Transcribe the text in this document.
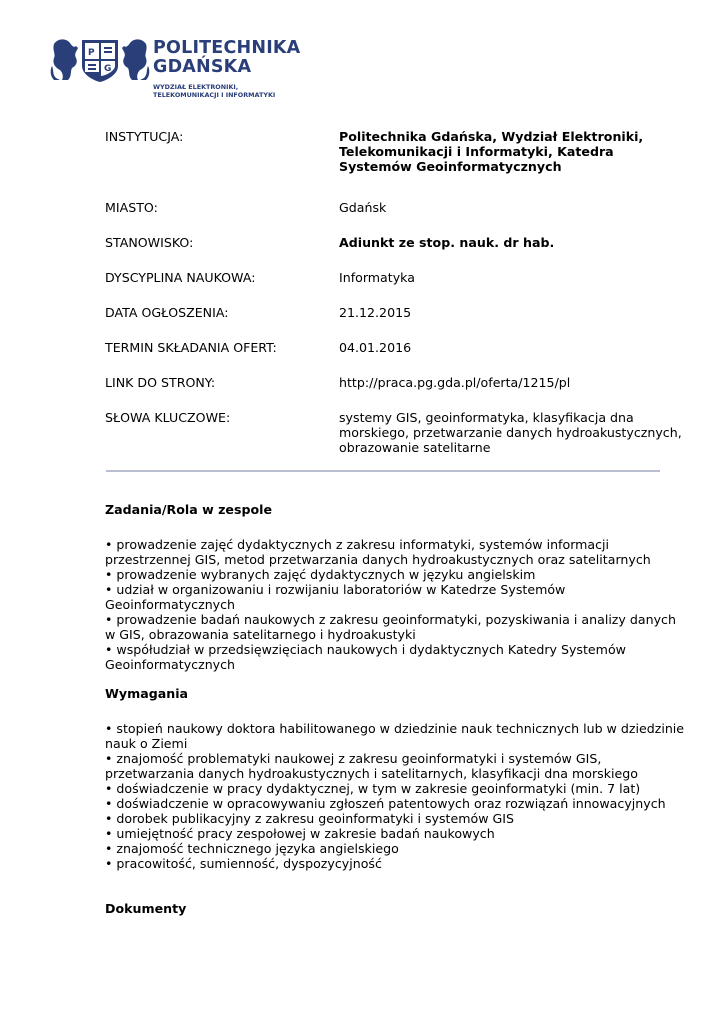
P
G
POLITECHNIKA
GDAŃSKA
WYDZIAŁ ELEKTRONIKI,
TELEKOMUNIKACJI I INFORMATYKI
INSTYTUCJA:	Politechnika Gdańska, Wydział Elektroniki, Telekomunikacji i Informatyki, Katedra Systemów Geoinformatycznych
MIASTO:	Gdańsk
STANOWISKO:	Adiunkt ze stop. nauk. dr hab.
DYSCYPLINA NAUKOWA:	Informatyka
DATA OGŁOSZENIA:	21.12.2015
TERMIN SKŁADANIA OFERT:	04.01.2016
LINK DO STRONY:	http://praca.pg.gda.pl/oferta/1215/pl
SŁOWA KLUCZOWE:	systemy GIS, geoinformatyka, klasyfikacja dna morskiego, przetwarzanie danych hydroakustycznych, obrazowanie satelitarne
Zadania/Rola w zespole
• prowadzenie zajęć dydaktycznych z zakresu informatyki, systemów informacji przestrzennej GIS, metod przetwarzania danych hydroakustycznych oraz satelitarnych
• prowadzenie wybranych zajęć dydaktycznych w języku angielskim
• udział w organizowaniu i rozwijaniu laboratoriów w Katedrze Systemów Geoinformatycznych
• prowadzenie badań naukowych z zakresu geoinformatyki, pozyskiwania i analizy danych w GIS, obrazowania satelitarnego i hydroakustyki
• współudział w przedsięwzięciach naukowych i dydaktycznych Katedry Systemów Geoinformatycznych
Wymagania
• stopień naukowy doktora habilitowanego w dziedzinie nauk technicznych lub w dziedzinie nauk o Ziemi
• znajomość problematyki naukowej z zakresu geoinformatyki i systemów GIS, przetwarzania danych hydroakustycznych i satelitarnych, klasyfikacji dna morskiego
• doświadczenie w pracy dydaktycznej, w tym w zakresie geoinformatyki (min. 7 lat)
• doświadczenie w opracowywaniu zgłoszeń patentowych oraz rozwiązań innowacyjnych
• dorobek publikacyjny z zakresu geoinformatyki i systemów GIS
• umiejętność pracy zespołowej w zakresie badań naukowych
• znajomość technicznego języka angielskiego
• pracowitość, sumienność, dyspozycyjność
Dokumenty
